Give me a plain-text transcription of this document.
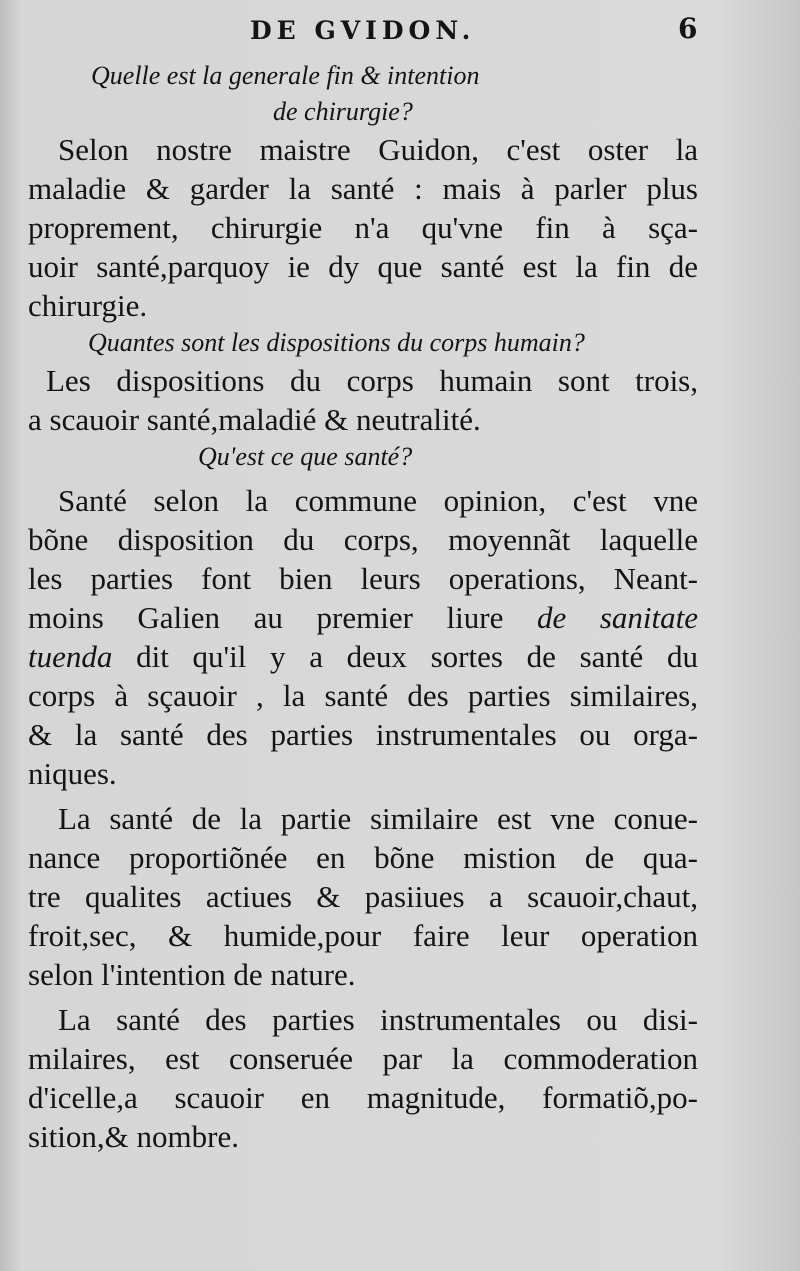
DE GVIDON.	6
Quelle est la generale fin & intention
de chirurgie?
Selon nostre maistre Guidon, c'est oster la
maladie & garder la santé : mais à parler plus
proprement, chirurgie n'a qu'vne fin à sça-
uoir santé,parquoy ie dy que santé est la fin de
chirurgie.
Quantes sont les dispositions du corps humain?
Les dispositions du corps humain sont trois,
a scauoir santé,maladié & neutralité.
Qu'est ce que santé?
Santé selon la commune opinion, c'est vne
bõne disposition du corps, moyennãt laquelle
les parties font bien leurs operations, Neant-
moins Galien au premier liure de sanitate
tuenda dit qu'il y a deux sortes de santé du
corps à sçauoir , la santé des parties similaires,
& la santé des parties instrumentales ou orga-
niques.
La santé de la partie similaire est vne conue-
nance proportiõnée en bõne mistion de qua-
tre qualites actiues & pasiiues a scauoir,chaut,
froit,sec, & humide,pour faire leur operation
selon l'intention de nature.
La santé des parties instrumentales ou disi-
milaires, est conseruée par la commoderation
d'icelle,a scauoir en magnitude, formatiõ,po-
sition,& nombre.
